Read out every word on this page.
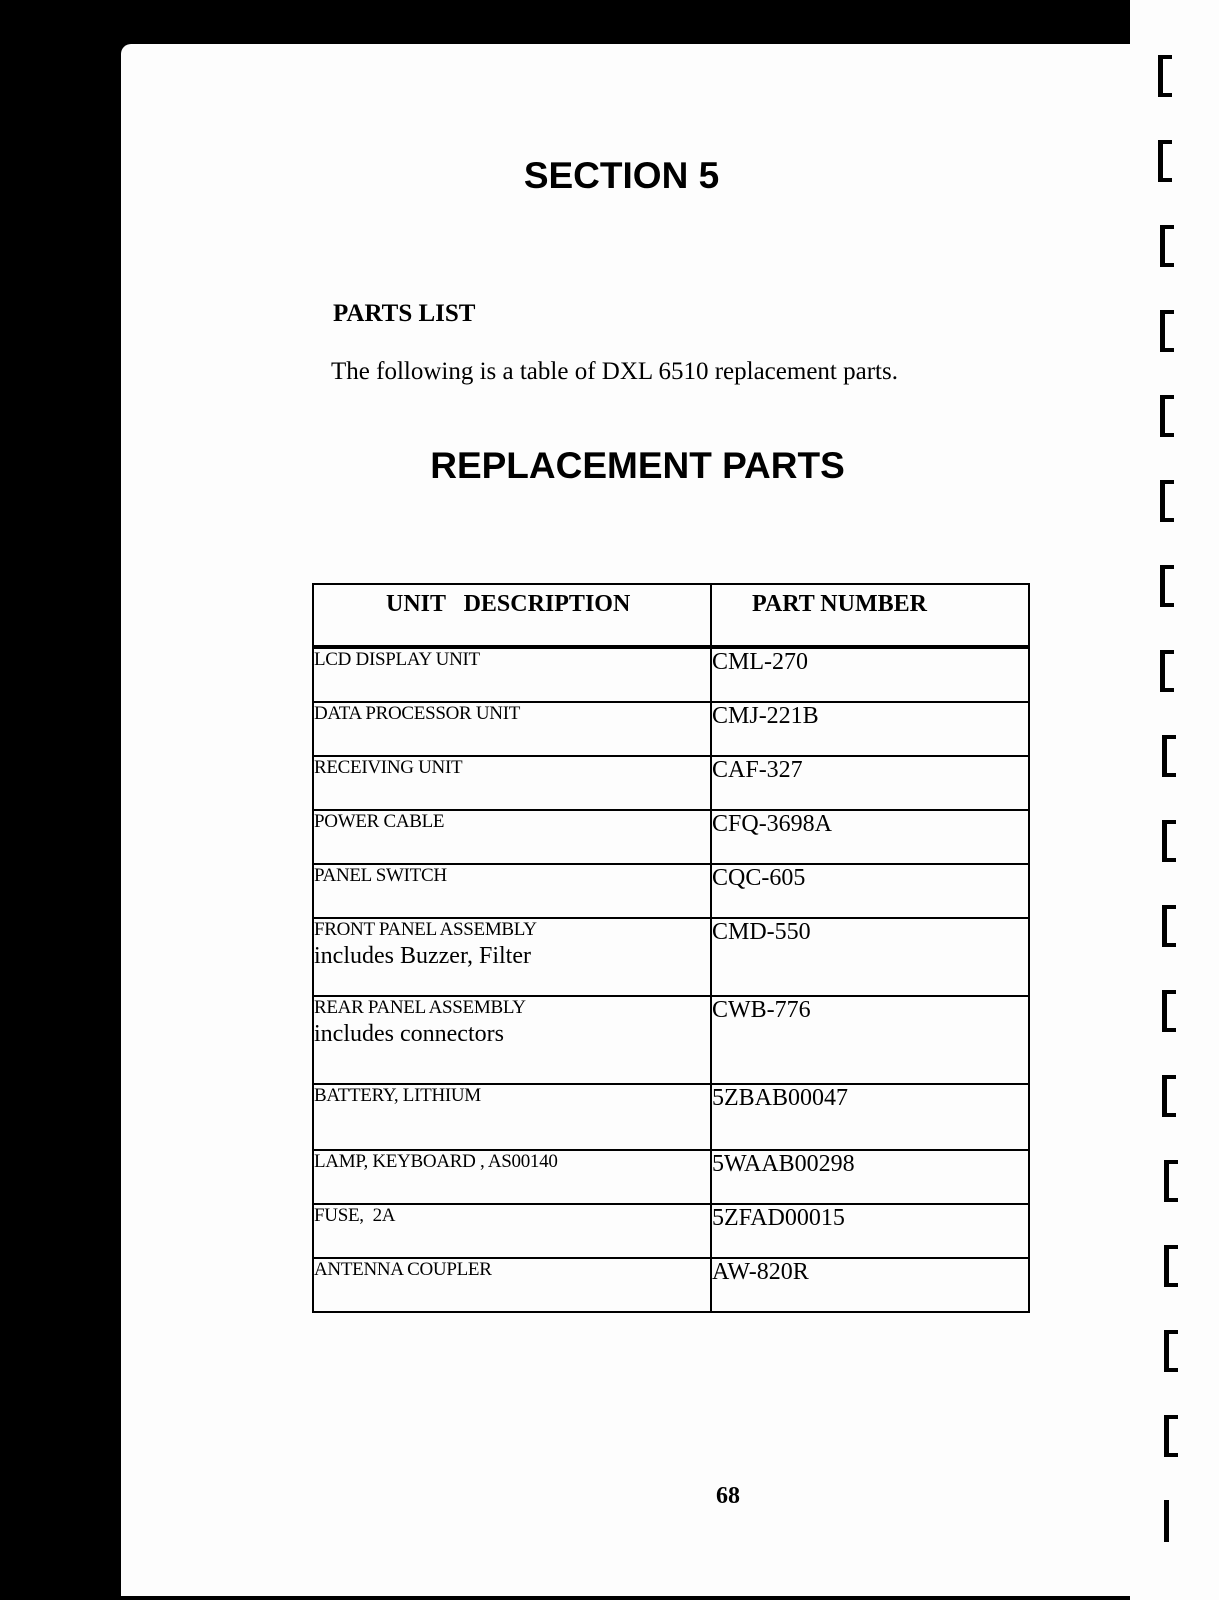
SECTION 5
PARTS LIST

The following is a table of DXL 6510 replacement parts.

REPLACEMENT PARTS
UNIT   DESCRIPTION	PART NUMBER

LCD DISPLAY UNIT	CML-270

DATA PROCESSOR UNIT	CMJ-221B

RECEIVING UNIT	CAF-327

POWER CABLE	CFQ-3698A

PANEL SWITCH	CQC-605

FRONT PANEL ASSEMBLY
includes Buzzer, Filter	CMD-550

REAR PANEL ASSEMBLY
includes connectors	CWB-776

BATTERY, LITHIUM	5ZBAB00047

LAMP, KEYBOARD , AS00140	5WAAB00298

FUSE,  2A	5ZFAD00015

ANTENNA COUPLER	AW-820R

68
